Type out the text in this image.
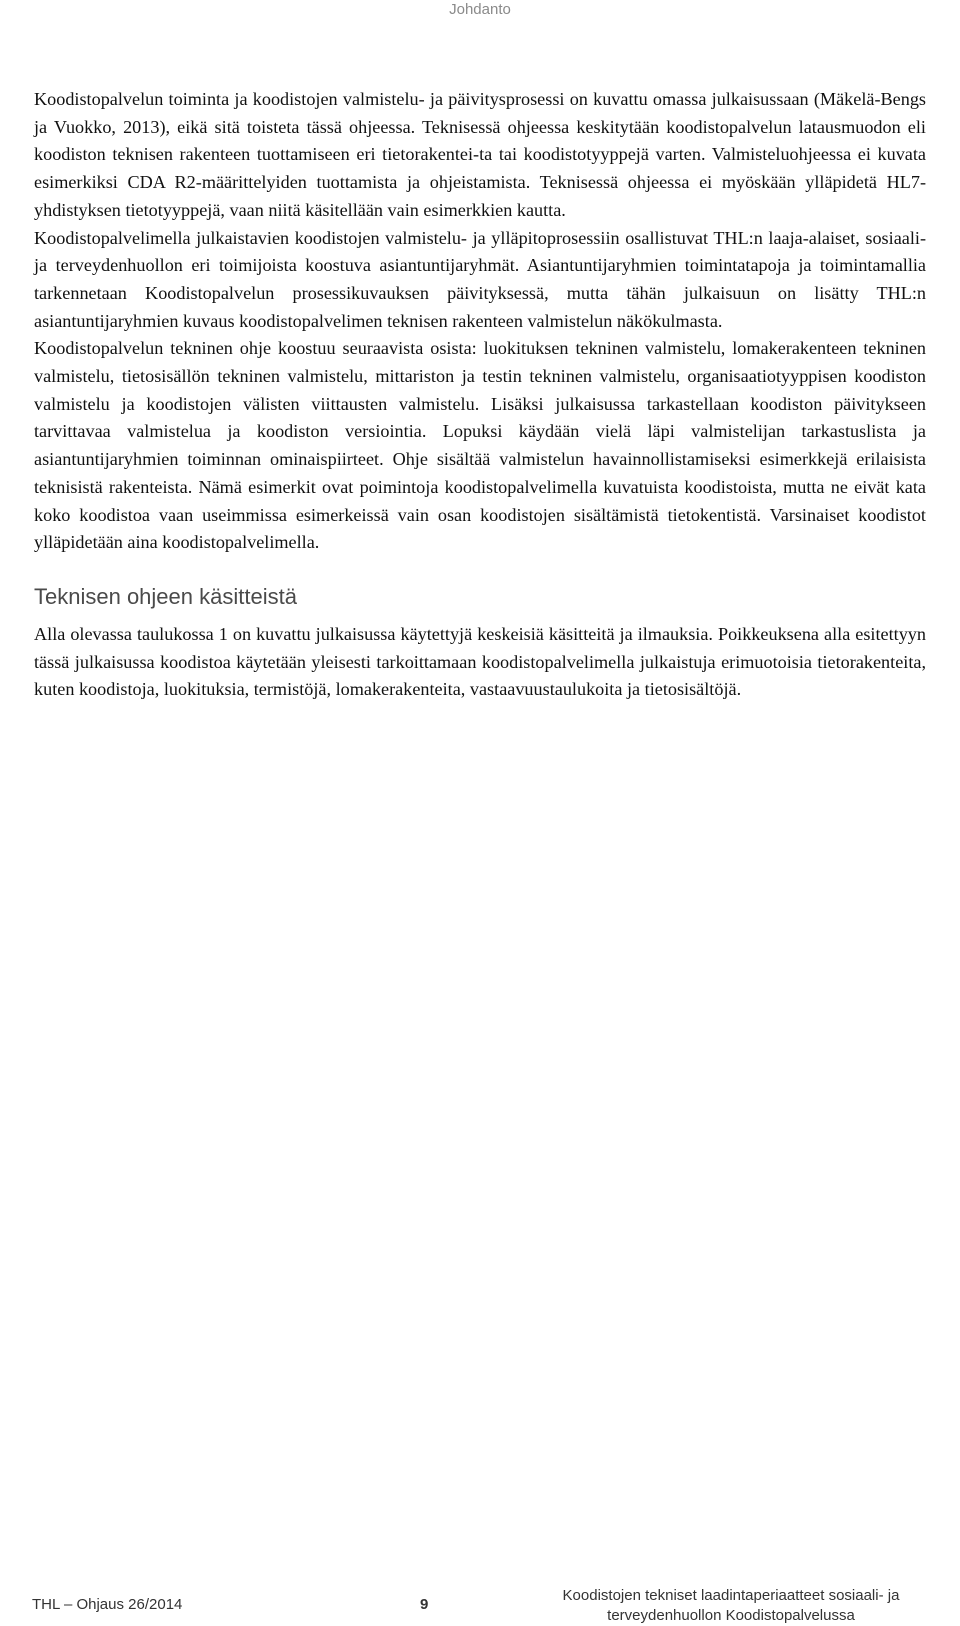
Johdanto

Koodistopalvelun toiminta ja koodistojen valmistelu- ja päivitysprosessi on kuvattu omassa julkaisussaan (Mäkelä-Bengs ja Vuokko, 2013), eikä sitä toisteta tässä ohjeessa. Teknisessä ohjeessa keskitytään koodistopalvelun latausmuodon eli koodiston teknisen rakenteen tuottamiseen eri tietorakentei-ta tai koodistotyyppejä varten. Valmisteluohjeessa ei kuvata esimerkiksi CDA R2-määrittelyiden tuottamista ja ohjeistamista. Teknisessä ohjeessa ei myöskään ylläpidetä HL7-yhdistyksen tietotyyppejä, vaan niitä käsitellään vain esimerkkien kautta.

Koodistopalvelimella julkaistavien koodistojen valmistelu- ja ylläpitoprosessiin osallistuvat THL:n laaja-alaiset, sosiaali- ja terveydenhuollon eri toimijoista koostuva asiantuntijaryhmät. Asiantuntijaryhmien toimintatapoja ja toimintamallia tarkennetaan Koodistopalvelun prosessikuvauksen päivityksessä, mutta tähän julkaisuun on lisätty THL:n asiantuntijaryhmien kuvaus koodistopalvelimen teknisen rakenteen valmistelun näkökulmasta.

Koodistopalvelun tekninen ohje koostuu seuraavista osista: luokituksen tekninen valmistelu, lomakerakenteen tekninen valmistelu, tietosisällön tekninen valmistelu, mittariston ja testin tekninen valmistelu, organisaatiotyyppisen koodiston valmistelu ja koodistojen välisten viittausten valmistelu. Lisäksi julkaisussa tarkastellaan koodiston päivitykseen tarvittavaa valmistelua ja koodiston versiointia. Lopuksi käydään vielä läpi valmistelijan tarkastuslista ja asiantuntijaryhmien toiminnan ominaispiirteet. Ohje sisältää valmistelun havainnollistamiseksi esimerkkejä erilaisista teknisistä rakenteista. Nämä esimerkit ovat poimintoja koodistopalvelimella kuvatuista koodistoista, mutta ne eivät kata koko koodistoa vaan useimmissa esimerkeissä vain osan koodistojen sisältämistä tietokentistä. Varsinaiset koodistot ylläpidetään aina koodistopalvelimella.

Teknisen ohjeen käsitteistä

Alla olevassa taulukossa 1 on kuvattu julkaisussa käytettyjä keskeisiä käsitteitä ja ilmauksia. Poikkeuksena alla esitettyyn tässä julkaisussa koodistoa käytetään yleisesti tarkoittamaan koodistopalvelimella julkaistuja erimuotoisia tietorakenteita, kuten koodistoja, luokituksia, termistöjä, lomakerakenteita, vastaavuustaulukoita ja tietosisältöjä.

THL – Ohjaus 26/2014	9
Koodistojen tekniset laadintaperiaatteet sosiaali- ja
terveydenhuollon Koodistopalvelussa
